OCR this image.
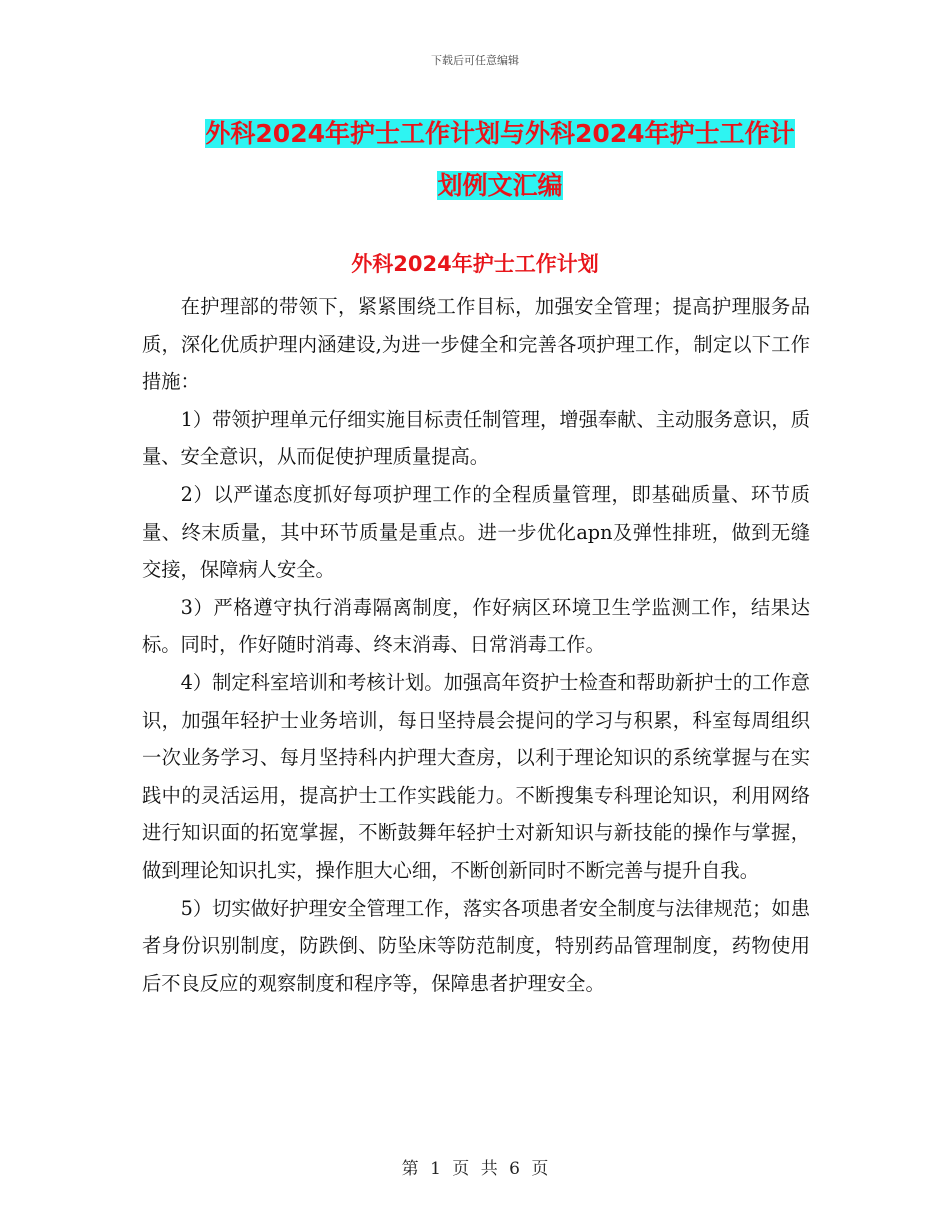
下载后可任意编辑
外科2024年护士工作计划与外科2024年护士工作计
划例文汇编
外科2024年护士工作计划

在护理部的带领下，紧紧围绕工作目标，加强安全管理；提高护理服务品质，深化优质护理内涵建设,为进一步健全和完善各项护理工作，制定以下工作措施：

1）带领护理单元仔细实施目标责任制管理，增强奉献、主动服务意识，质量、安全意识，从而促使护理质量提高。

2）以严谨态度抓好每项护理工作的全程质量管理，即基础质量、环节质量、终末质量，其中环节质量是重点。进一步优化apn及弹性排班，做到无缝交接，保障病人安全。

3）严格遵守执行消毒隔离制度，作好病区环境卫生学监测工作，结果达标。同时，作好随时消毒、终末消毒、日常消毒工作。

4）制定科室培训和考核计划。加强高年资护士检查和帮助新护士的工作意识，加强年轻护士业务培训，每日坚持晨会提问的学习与积累，科室每周组织一次业务学习、每月坚持科内护理大查房，以利于理论知识的系统掌握与在实践中的灵活运用，提高护士工作实践能力。不断搜集专科理论知识，利用网络进行知识面的拓宽掌握，不断鼓舞年轻护士对新知识与新技能的操作与掌握，做到理论知识扎实，操作胆大心细，不断创新同时不断完善与提升自我。

5）切实做好护理安全管理工作，落实各项患者安全制度与法律规范；如患者身份识别制度，防跌倒、防坠床等防范制度，特别药品管理制度，药物使用后不良反应的观察制度和程序等，保障患者护理安全。

第 1 页 共 6 页
